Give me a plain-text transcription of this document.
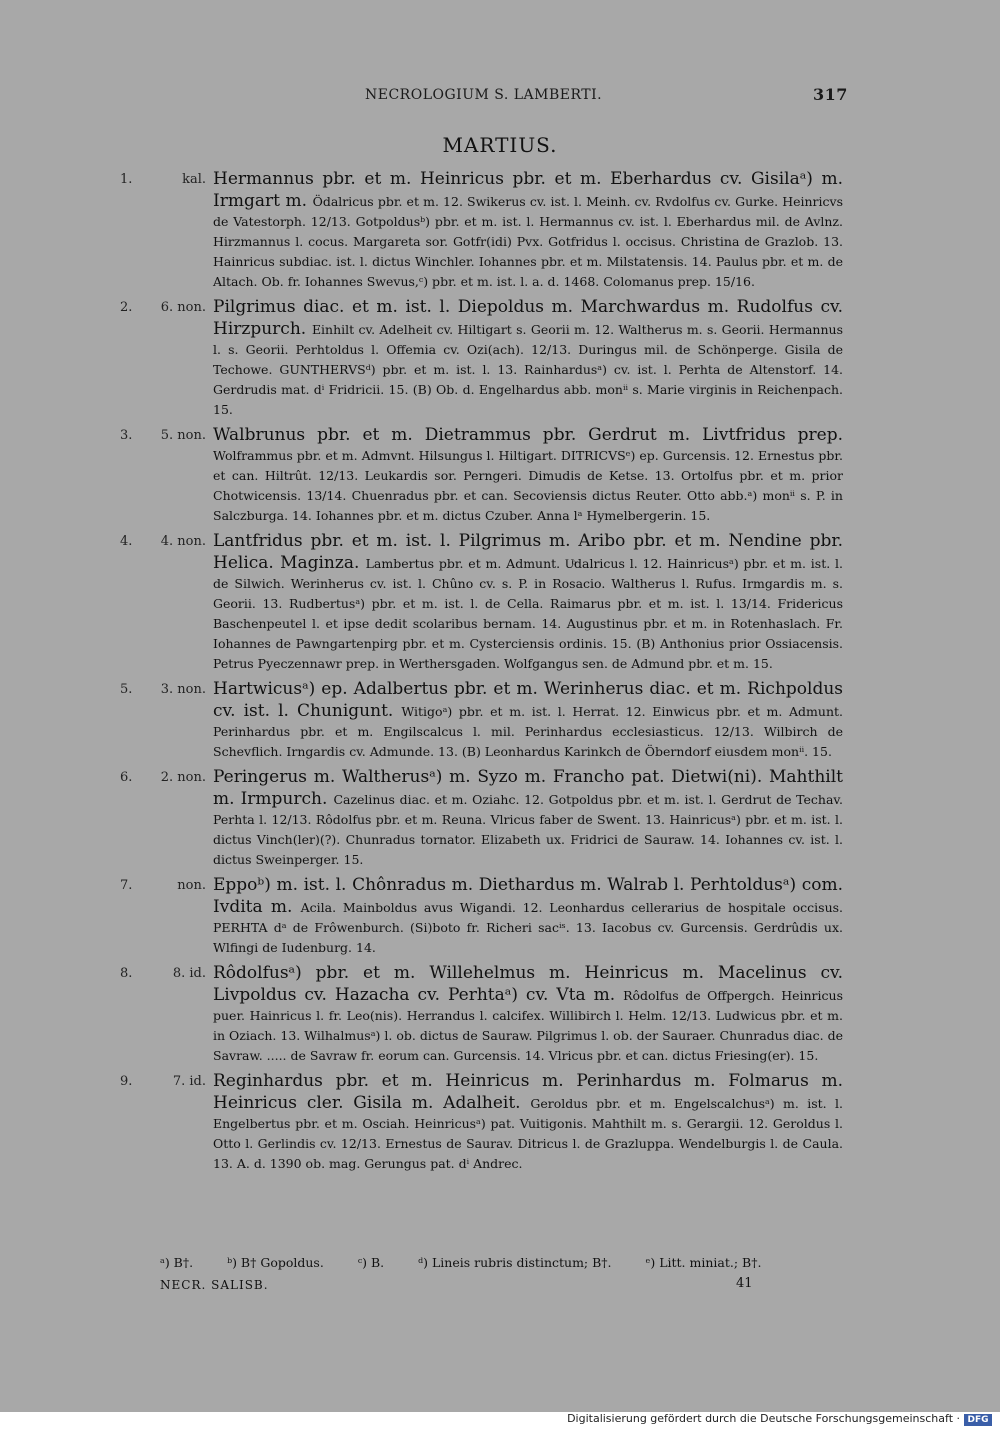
NECROLOGIUM S. LAMBERTI.	317
MARTIUS.
1.	kal. Hermannus pbr. et m. Heinricus pbr. et m. Eberhardus cv. Gisilaᵃ) m. Irmgart m. Ödalricus pbr. et m. 12. Swikerus cv. ist. l. Meinh. cv. Rvdolfus cv. Gurke. Heinricvs de Vatestorph. 12/13. Gotpoldusᵇ) pbr. et m. ist. l. Hermannus cv. ist. l. Eberhardus mil. de Avlnz. Hirzmannus l. cocus. Margareta sor. Gotfr(idi) Pvx. Gotfridus l. occisus. Christina de Grazlob. 13. Hainricus subdiac. ist. l. dictus Winchler. Iohannes pbr. et m. Milstatensis. 14. Paulus pbr. et m. de Altach. Ob. fr. Iohannes Swevus,ᶜ) pbr. et m. ist. l. a. d. 1468. Colomanus prep. 15/16.
2.	6. non. Pilgrimus diac. et m. ist. l. Diepoldus m. Marchwardus m. Rudolfus cv. Hirzpurch. Einhilt cv. Adelheit cv. Hiltigart s. Georii m. 12. Waltherus m. s. Georii. Hermannus l. s. Georii. Perhtoldus l. Offemia cv. Ozi(ach). 12/13. Duringus mil. de Schönperge. Gisila de Techowe. GUNTHERVSᵈ) pbr. et m. ist. l. 13. Rainhardusᵃ) cv. ist. l. Perhta de Altenstorf. 14. Gerdrudis mat. dⁱ Fridricii. 15. (B) Ob. d. Engelhardus abb. monⁱⁱ s. Marie virginis in Reichenpach. 15.
3.	5. non. Walbrunus pbr. et m. Dietrammus pbr. Gerdrut m. Livtfridus prep. Wolframmus pbr. et m. Admvnt. Hilsungus l. Hiltigart. DITRICVSᵉ) ep. Gurcensis. 12. Ernestus pbr. et can. Hiltrût. 12/13. Leukardis sor. Perngeri. Dimudis de Ketse. 13. Ortolfus pbr. et m. prior Chotwicensis. 13/14. Chuenradus pbr. et can. Secoviensis dictus Reuter. Otto abb.ᵃ) monⁱⁱ s. P. in Salczburga. 14. Iohannes pbr. et m. dictus Czuber. Anna lᵃ Hymelbergerin. 15.
4.	4. non. Lantfridus pbr. et m. ist. l. Pilgrimus m. Aribo pbr. et m. Nendine pbr. Helica. Maginza. Lambertus pbr. et m. Admunt. Uͦdalricus l. 12. Hainricusᵃ) pbr. et m. ist. l. de Silwich. Werinherus cv. ist. l. Chûno cv. s. P. in Rosacio. Waltherus l. Rufus. Irmgardis m. s. Georii. 13. Rudbertusᵃ) pbr. et m. ist. l. de Cella. Raimarus pbr. et m. ist. l. 13/14. Fridericus Baschenpeutel l. et ipse dedit scolaribus bernam. 14. Augustinus pbr. et m. in Rotenhaslach. Fr. Iohannes de Pawngartenpirg pbr. et m. Cysterciensis ordinis. 15. (B) Anthonius prior Ossiacensis. Petrus Pyeczennawr prep. in Werthersgaden. Wolfgangus sen. de Admund pbr. et m. 15.
5.	3. non. Hartwicusᵃ) ep. Adalbertus pbr. et m. Werinherus diac. et m. Richpoldus cv. ist. l. Chunigunt. Witigoᵃ) pbr. et m. ist. l. Herrat. 12. Einwicus pbr. et m. Admunt. Perinhardus pbr. et m. Engilscalcus l. mil. Perinhardus ecclesiasticus. 12/13. Wilbirch de Schevflich. Irngardis cv. Admunde. 13. (B) Leonhardus Karinkch de Öberndorf eiusdem monⁱⁱ. 15.
6.	2. non. Peringerus m. Waltherusᵃ) m. Syzo m. Francho pat. Dietwi(ni). Mahthilt m. Irmpurch. Cazelinus diac. et m. Oziahc. 12. Gotpoldus pbr. et m. ist. l. Gerdrut de Techav. Perhta l. 12/13. Rôdolfus pbr. et m. Reuna. Vlricus faber de Swent. 13. Hainricusᵃ) pbr. et m. ist. l. dictus Vinch(ler)(?). Chunradus tornator. Elizabeth ux. Fridrici de Sauraw. 14. Iohannes cv. ist. l. dictus Sweinperger. 15.
7.	non. Eppoᵇ) m. ist. l. Chônradus m. Diethardus m. Walrab l. Perhtoldusᵃ) com. Ivdita m. Acila. Mainboldus avus Wigandi. 12. Leonhardus cellerarius de hospitale occisus. PERHTA dᵃ de Frôwenburch. (Si)boto fr. Richeri sacⁱˢ. 13. Iacobus cv. Gurcensis. Gerdrûdis ux. Wlfingi de Iudenburg. 14.
8.	8. id. Rôdolfusᵃ) pbr. et m. Willehelmus m. Heinricus m. Macelinus cv. Livpoldus cv. Hazacha cv. Perhtaᵃ) cv. Vta m. Rôdolfus de Offpergch. Heinricus puer. Hainricus l. fr. Leo(nis). Herrandus l. calcifex. Willibirch l. Helm. 12/13. Ludwicus pbr. et m. in Oziach. 13. Wilhalmusᵃ) l. ob. dictus de Sauraw. Pilgrimus l. ob. der Sauraer. Chunradus diac. de Savraw. ..... de Savraw fr. eorum can. Gurcensis. 14. Vlricus pbr. et can. dictus Friesing(er). 15.
9.	7. id. Reginhardus pbr. et m. Heinricus m. Perinhardus m. Folmarus m. Heinricus cler. Gisila m. Adalheit. Geroldus pbr. et m. Engelscalchusᵃ) m. ist. l. Engelbertus pbr. et m. Osciah. Heinricusᵃ) pat. Vuitigonis. Mahthilt m. s. Gerargii. 12. Geroldus l. Otto l. Gerlindis cv. 12/13. Ernestus de Saurav. Ditricus l. de Grazluppa. Wendelburgis l. de Caula. 13. A. d. 1390 ob. mag. Gerungus pat. dⁱ Andrec.
ᵃ) B†.	ᵇ) B† Gopoldus.	ᶜ) B.	ᵈ) Lineis rubris distinctum; B†.	ᵉ) Litt. miniat.; B†.
NECR. SALISB.	41
Digitalisierung gefördert durch die Deutsche Forschungsgemeinschaft · DFG
